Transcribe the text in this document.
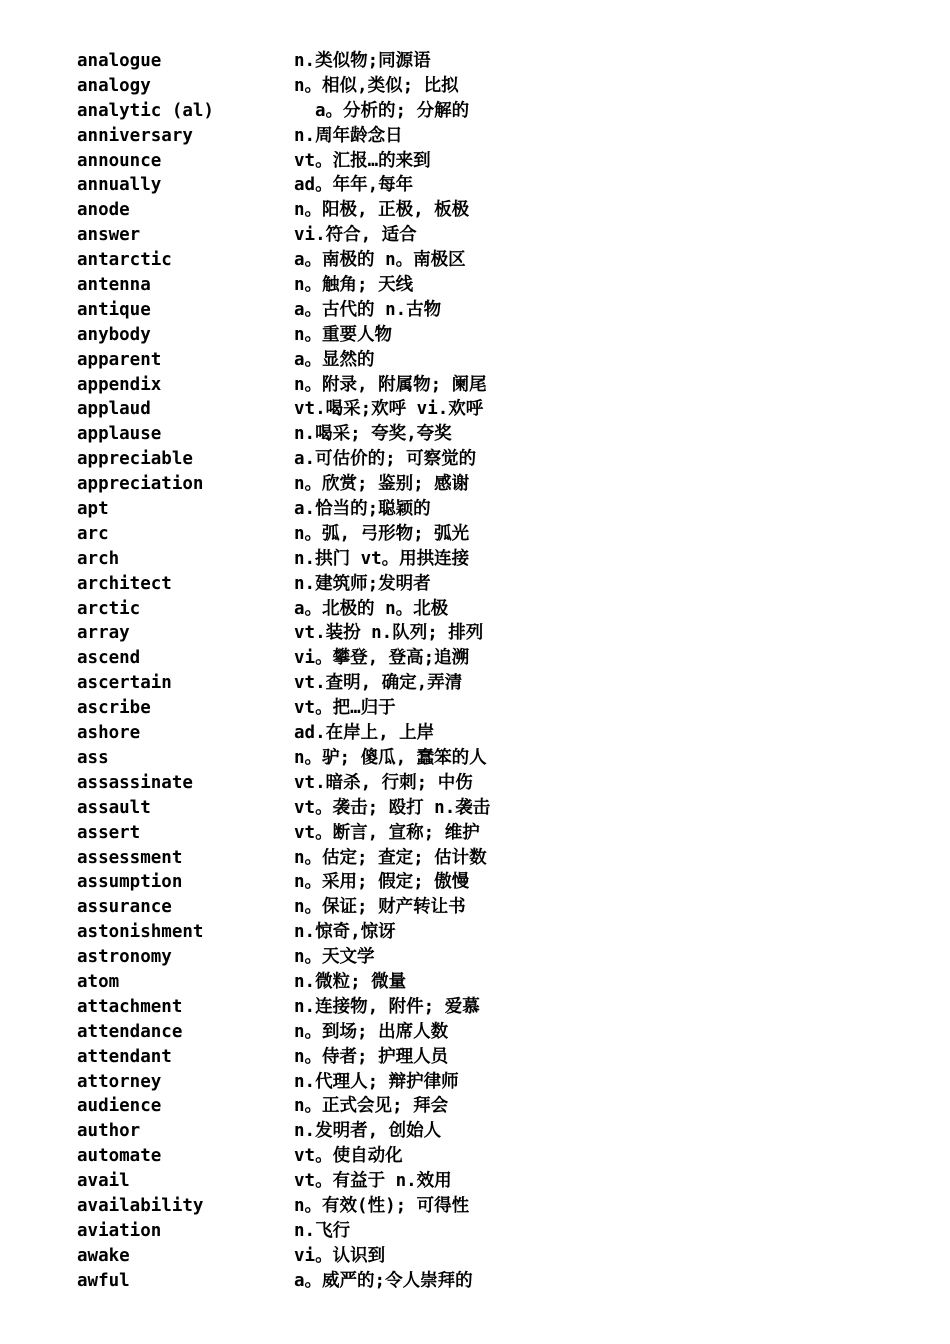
analogue	n.类似物;同源语
analogy	n。相似,类似; 比拟
analytic (al)	a。分析的; 分解的
anniversary	n.周年龄念日
announce	vt。汇报…的来到
annually	ad。年年,每年
anode	n。阳极, 正极, 板极
answer	vi.符合, 适合
antarctic	a。南极的 n。南极区
antenna	n。触角; 天线
antique	a。古代的 n.古物
anybody	n。重要人物
apparent	a。显然的
appendix	n。附录, 附属物; 阑尾
applaud	vt.喝采;欢呼 vi.欢呼
applause	n.喝采; 夸奖,夸奖
appreciable	a.可估价的; 可察觉的
appreciation	n。欣赏; 鉴别; 感谢
apt	a.恰当的;聪颖的
arc	n。弧, 弓形物; 弧光
arch	n.拱门 vt。用拱连接
architect	n.建筑师;发明者
arctic	a。北极的 n。北极
array	vt.装扮 n.队列; 排列
ascend	vi。攀登, 登高;追溯
ascertain	vt.查明, 确定,弄清
ascribe	vt。把…归于
ashore	ad.在岸上, 上岸
ass	n。驴; 傻瓜, 蠢笨的人
assassinate	vt.暗杀, 行刺; 中伤
assault	vt。袭击; 殴打 n.袭击
assert	vt。断言, 宣称; 维护
assessment	n。估定; 查定; 估计数
assumption	n。采用; 假定; 傲慢
assurance	n。保证; 财产转让书
astonishment	n.惊奇,惊讶
astronomy	n。天文学
atom	n.微粒; 微量
attachment	n.连接物, 附件; 爱慕
attendance	n。到场; 出席人数
attendant	n。侍者; 护理人员
attorney	n.代理人; 辩护律师
audience	n。正式会见; 拜会
author	n.发明者, 创始人
automate	vt。使自动化
avail	vt。有益于 n.效用
availability	n。有效(性); 可得性
aviation	n.飞行
awake	vi。认识到
awful	a。威严的;令人崇拜的
